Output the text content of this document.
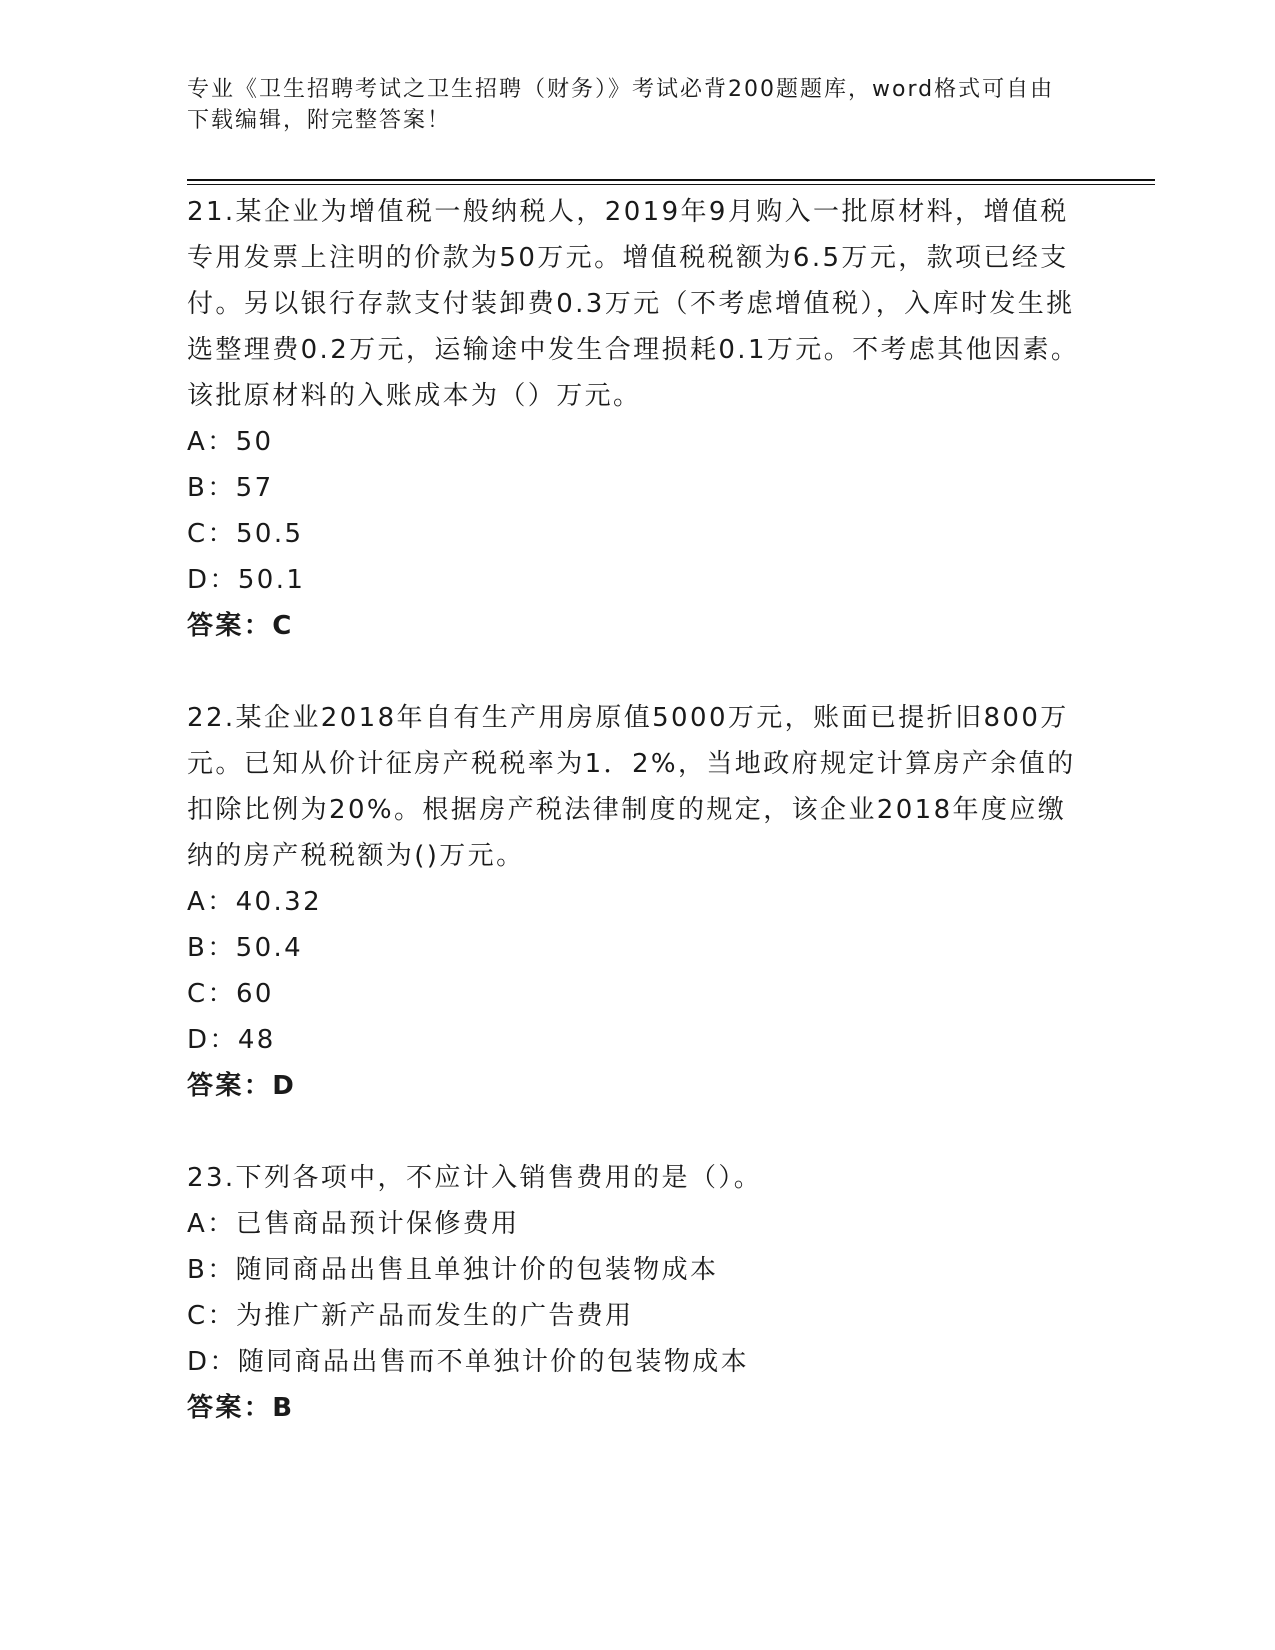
专业《卫生招聘考试之卫生招聘（财务）》考试必背200题题库，word格式可自由下载编辑，附完整答案！

21.某企业为增值税一般纳税人，2019年9月购入一批原材料，增值税专用发票上注明的价款为50万元。增值税税额为6.5万元，款项已经支付。另以银行存款支付装卸费0.3万元（不考虑增值税），入库时发生挑选整理费0.2万元，运输途中发生合理损耗0.1万元。不考虑其他因素。该批原材料的入账成本为（）万元。

A：50

B：57

C：50.5

D：50.1

答案：C

22.某企业2018年自有生产用房原值5000万元，账面已提折旧800万元。已知从价计征房产税税率为1．2%，当地政府规定计算房产余值的扣除比例为20%。根据房产税法律制度的规定，该企业2018年度应缴纳的房产税税额为()万元。

A：40.32

B：50.4

C：60

D：48

答案：D

23.下列各项中，不应计入销售费用的是（）。

A：已售商品预计保修费用

B：随同商品出售且单独计价的包装物成本

C：为推广新产品而发生的广告费用

D：随同商品出售而不单独计价的包装物成本

答案：B
